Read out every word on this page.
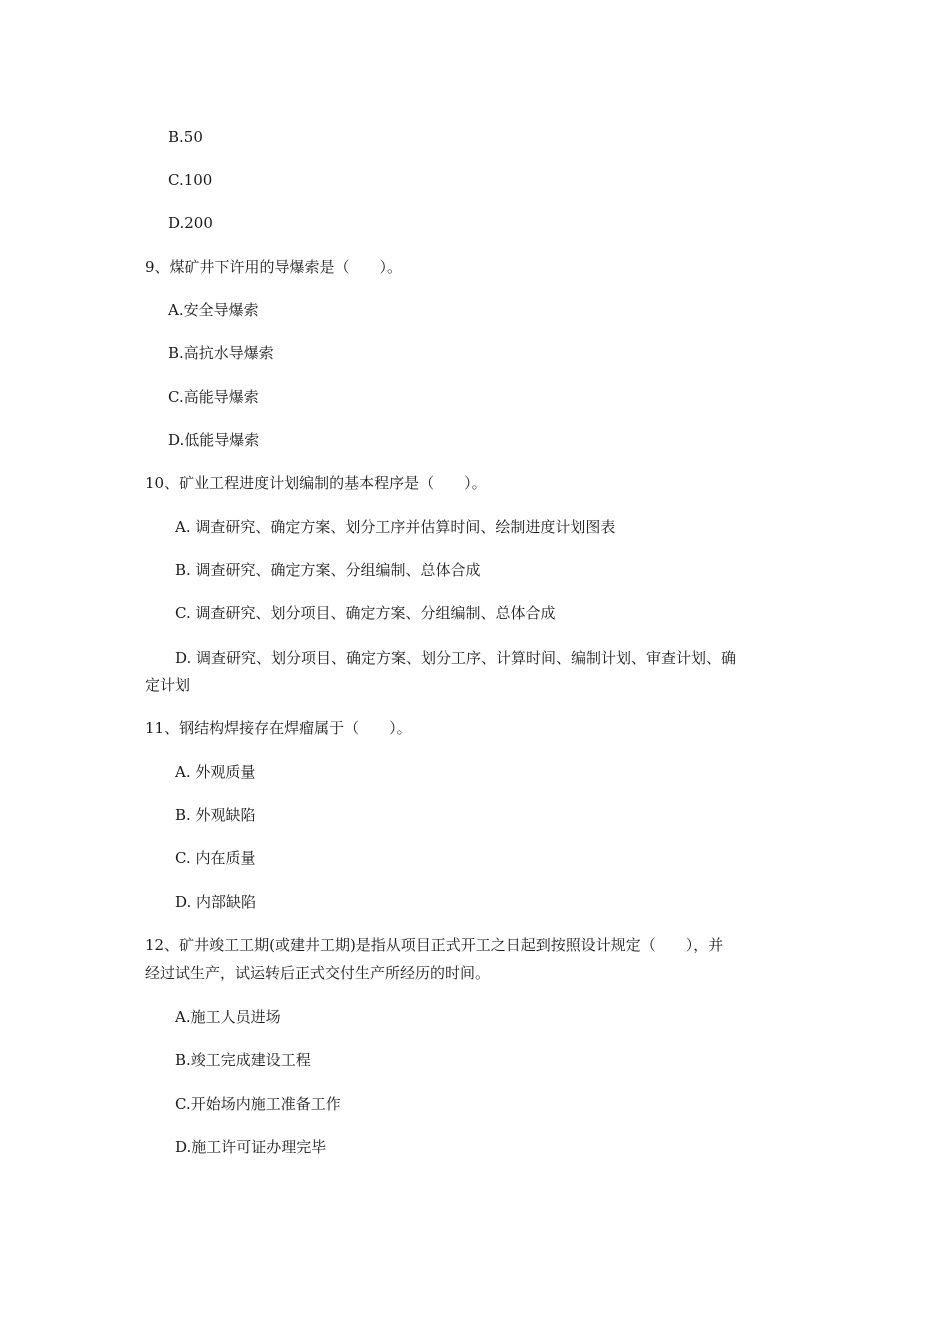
B.50
C.100
D.200
9、煤矿井下许用的导爆索是（　　）。
A.安全导爆索
B.高抗水导爆索
C.高能导爆索
D.低能导爆索
10、矿业工程进度计划编制的基本程序是（　　）。
A. 调查研究、确定方案、划分工序并估算时间、绘制进度计划图表
B. 调查研究、确定方案、分组编制、总体合成
C. 调查研究、划分项目、确定方案、分组编制、总体合成
D. 调查研究、划分项目、确定方案、划分工序、计算时间、编制计划、审查计划、确
定计划
11、钢结构焊接存在焊瘤属于（　　）。
A. 外观质量
B. 外观缺陷
C. 内在质量
D. 内部缺陷
12、矿井竣工工期(或建井工期)是指从项目正式开工之日起到按照设计规定（　　），并
经过试生产，试运转后正式交付生产所经历的时间。
A.施工人员进场
B.竣工完成建设工程
C.开始场内施工准备工作
D.施工许可证办理完毕
